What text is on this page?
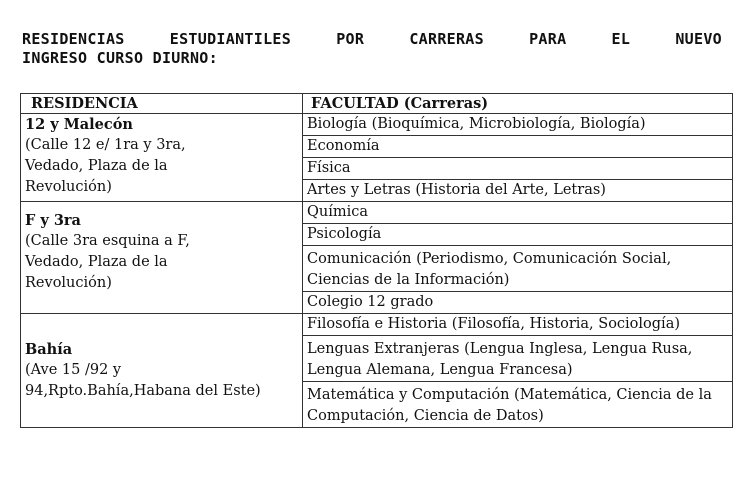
RESIDENCIAS  ESTUDIANTILES  POR  CARRERAS  PARA  EL  NUEVO
INGRESO CURSO DIURNO:
RESIDENCIA	FACULTAD (Carreras)

12 y Malecón
(Calle 12 e/ 1ra y 3ra, Vedado, Plaza de la Revolución)	Biología (Bioquímica, Microbiología, Biología)
	Economía
	Física
	Artes y Letras (Historia del Arte, Letras)

F y 3ra
(Calle 3ra esquina a F, Vedado, Plaza de la Revolución)	Química
	Psicología
	Comunicación (Periodismo, Comunicación Social, Ciencias de la Información)
	Colegio 12 grado

Bahía
(Ave 15 /92 y 94,Rpto.Bahía,Habana del Este)	Filosofía e Historia (Filosofía, Historia, Sociología)
	Lenguas Extranjeras (Lengua Inglesa, Lengua Rusa, Lengua Alemana, Lengua Francesa)
	Matemática y Computación (Matemática, Ciencia de la Computación, Ciencia de Datos)
